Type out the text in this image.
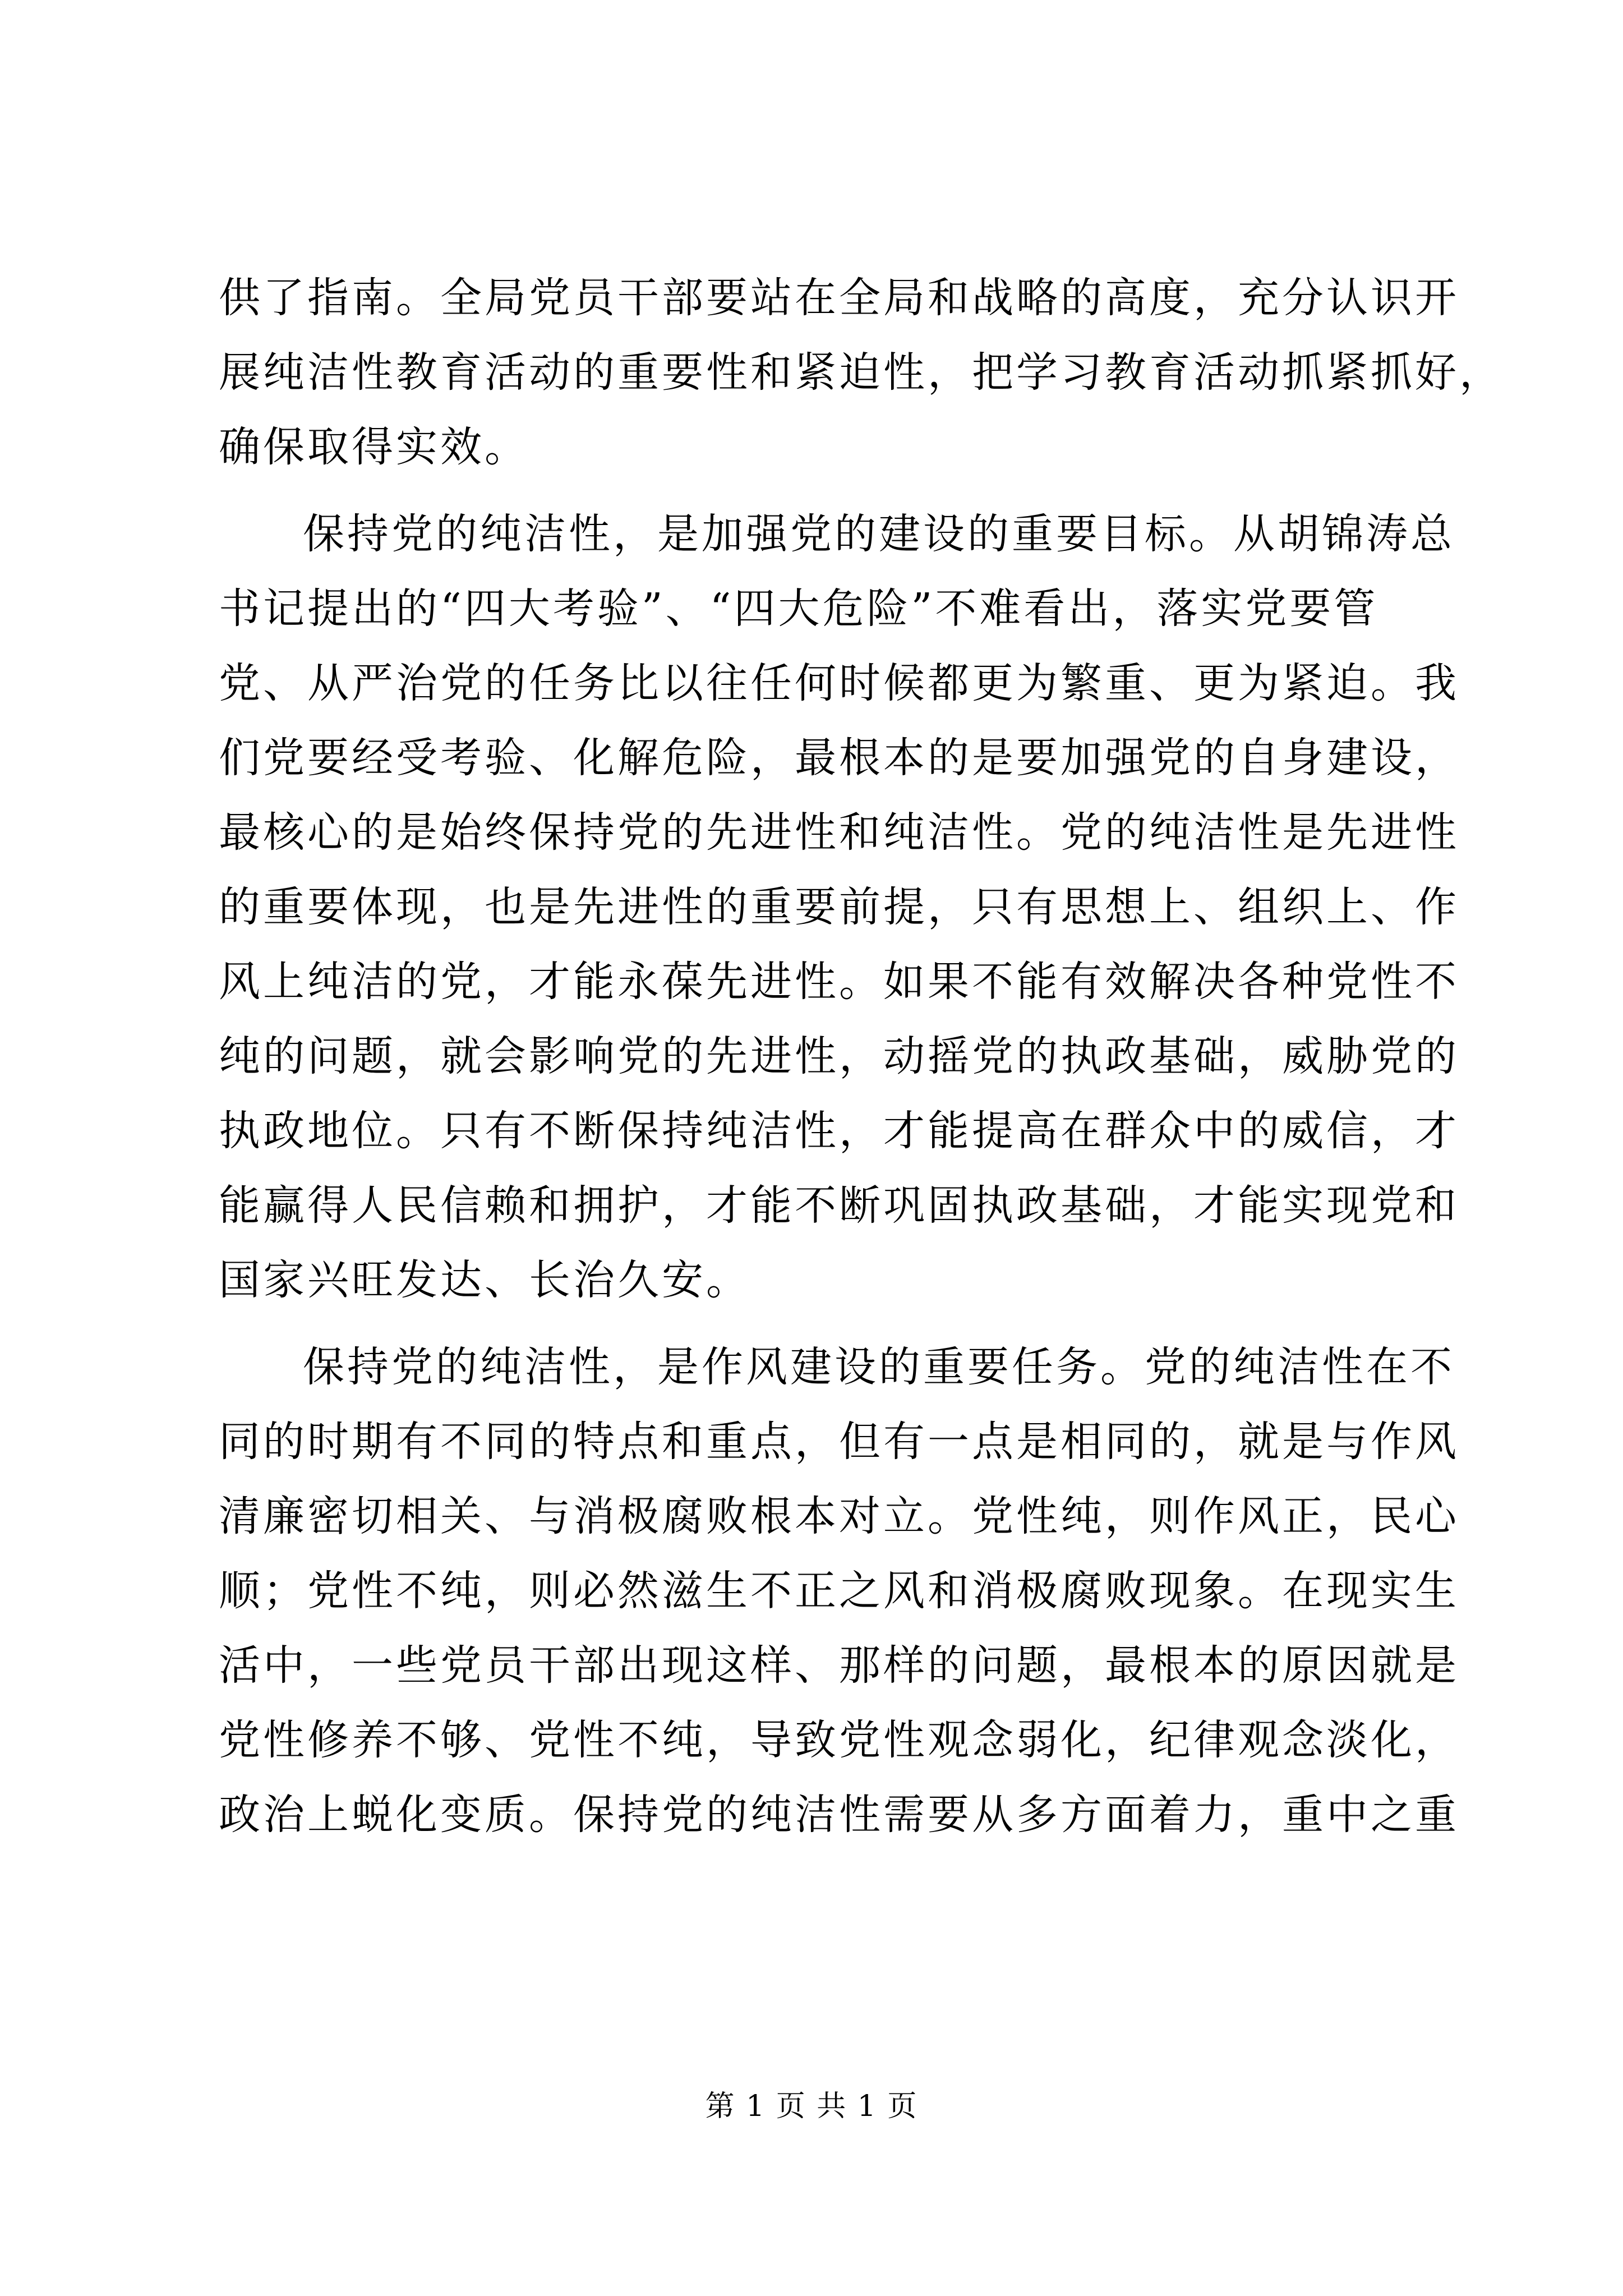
供了指南。全局党员干部要站在全局和战略的高度，充分认识开
展纯洁性教育活动的重要性和紧迫性，把学习教育活动抓紧抓好，
确保取得实效。
保持党的纯洁性，是加强党的建设的重要目标。从胡锦涛总
书记提出的“四大考验”、“四大危险”不难看出，落实党要管
党、从严治党的任务比以往任何时候都更为繁重、更为紧迫。我
们党要经受考验、化解危险，最根本的是要加强党的自身建设，
最核心的是始终保持党的先进性和纯洁性。党的纯洁性是先进性
的重要体现，也是先进性的重要前提，只有思想上、组织上、作
风上纯洁的党，才能永葆先进性。如果不能有效解决各种党性不
纯的问题，就会影响党的先进性，动摇党的执政基础，威胁党的
执政地位。只有不断保持纯洁性，才能提高在群众中的威信，才
能赢得人民信赖和拥护，才能不断巩固执政基础，才能实现党和
国家兴旺发达、长治久安。
保持党的纯洁性，是作风建设的重要任务。党的纯洁性在不
同的时期有不同的特点和重点，但有一点是相同的，就是与作风
清廉密切相关、与消极腐败根本对立。党性纯，则作风正，民心
顺；党性不纯，则必然滋生不正之风和消极腐败现象。在现实生
活中，一些党员干部出现这样、那样的问题，最根本的原因就是
党性修养不够、党性不纯，导致党性观念弱化，纪律观念淡化，
政治上蜕化变质。保持党的纯洁性需要从多方面着力，重中之重
第 1 页 共 1 页
